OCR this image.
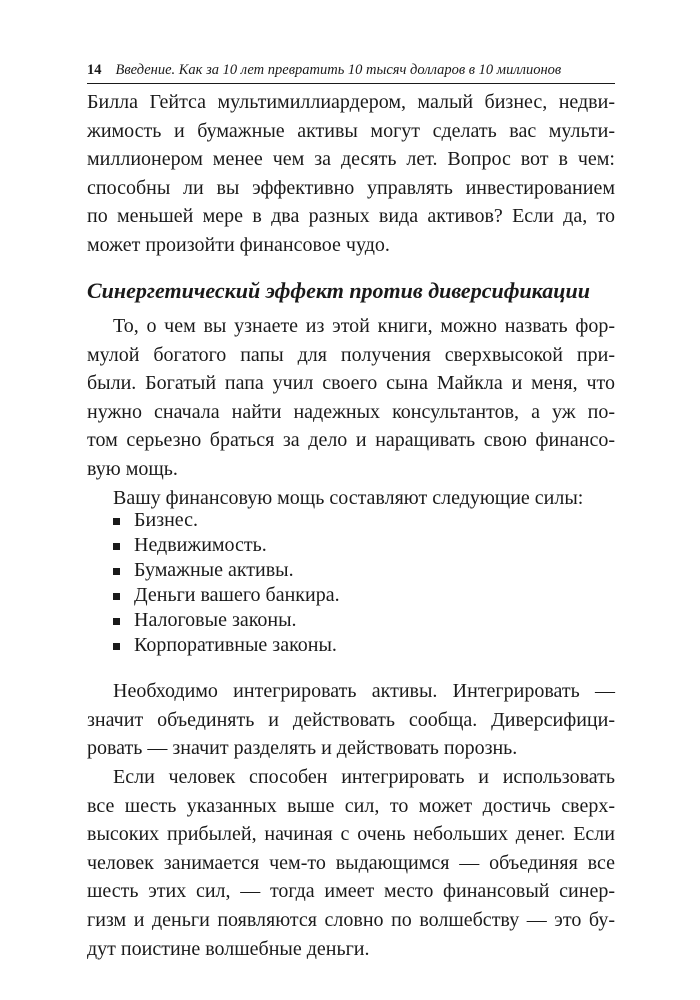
14 Введение. Как за 10 лет превратить 10 тысяч долларов в 10 миллионов
Билла Гейтса мультимиллиардером, малый бизнес, недви-
жимость и бумажные активы могут сделать вас мульти-
миллионером менее чем за десять лет. Вопрос вот в чем:
способны ли вы эффективно управлять инвестированием
по меньшей мере в два разных вида активов? Если да, то
может произойти финансовое чудо.
Синергетический эффект против диверсификации
То, о чем вы узнаете из этой книги, можно назвать фор-
мулой богатого папы для получения сверхвысокой при-
были. Богатый папа учил своего сына Майкла и меня, что
нужно сначала найти надежных консультантов, а уж по-
том серьезно браться за дело и наращивать свою финансо-
вую мощь.
Вашу финансовую мощь составляют следующие силы:
Бизнес.
Недвижимость.
Бумажные активы.
Деньги вашего банкира.
Налоговые законы.
Корпоративные законы.
Необходимо интегрировать активы. Интегрировать —
значит объединять и действовать сообща. Диверсифици-
ровать — значит разделять и действовать порознь.
Если человек способен интегрировать и использовать
все шесть указанных выше сил, то может достичь сверх-
высоких прибылей, начиная с очень небольших денег. Если
человек занимается чем-то выдающимся — объединяя все
шесть этих сил, — тогда имеет место финансовый синер-
гизм и деньги появляются словно по волшебству — это бу-
дут поистине волшебные деньги.
